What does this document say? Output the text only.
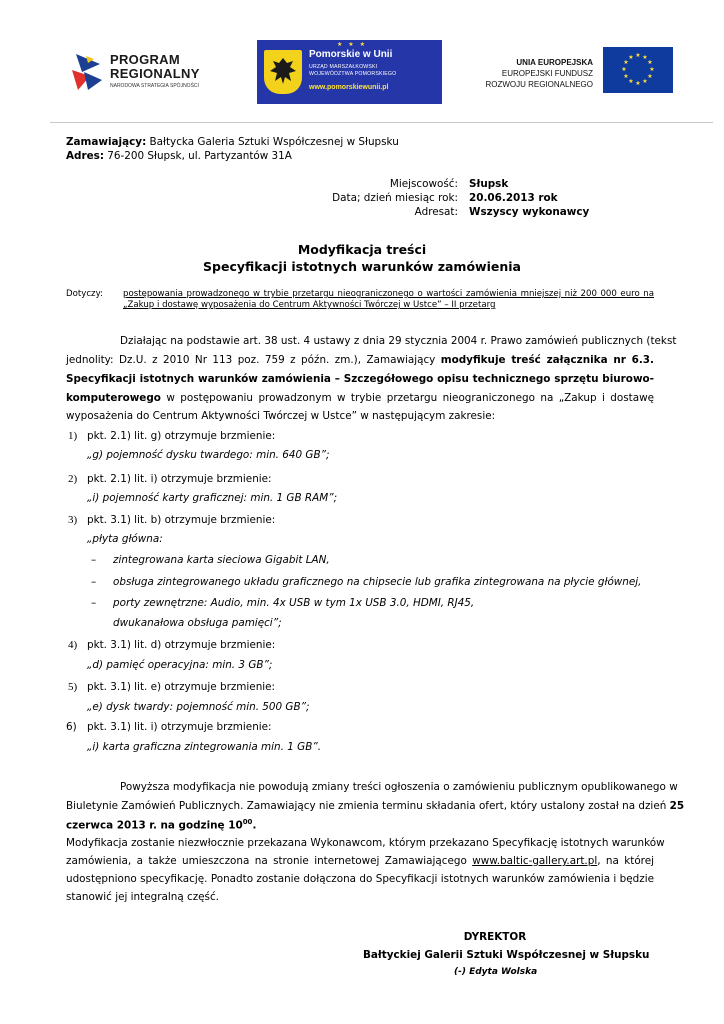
PROGRAM
REGIONALNY
NARODOWA STRATEGIA SPÓJNOŚCI
★ ★ ★
Pomorskie w Unii
URZĄD MARSZAŁKOWSKI
WOJEWÓDZTWA POMORSKIEGO
www.pomorskiewunii.pl
UNIA EUROPEJSKA
EUROPEJSKI FUNDUSZ
ROZWOJU REGIONALNEGO
★ ★
★
★
★
★
★
★
★
★
★
★
Zamawiający: Bałtycka Galeria Sztuki Współczesnej w Słupsku
Adres: 76-200 Słupsk, ul. Partyzantów 31A
Miejscowość: Słupsk
Data; dzień miesiąc rok: 20.06.2013 rok
Adresat: Wszyscy wykonawcy
Modyfikacja treści
Specyfikacji istotnych warunków zamówienia
Dotyczy: postępowania prowadzonego w trybie przetargu nieograniczonego o wartości zamówienia mniejszej niż 200 000 euro na
„Zakup i dostawę wyposażenia do Centrum Aktywności Twórczej w Ustce” – II przetarg
Działając na podstawie art. 38 ust. 4 ustawy z dnia 29 stycznia 2004 r. Prawo zamówień publicznych (tekst
jednolity: Dz.U. z 2010 Nr 113 poz. 759 z późn. zm.), Zamawiający modyfikuje treść załącznika nr 6.3.
Specyfikacji istotnych warunków zamówienia – Szczegółowego opisu technicznego sprzętu biurowo-
komputerowego w postępowaniu prowadzonym w trybie przetargu nieograniczonego na „Zakup i dostawę
wyposażenia do Centrum Aktywności Twórczej w Ustce” w następującym zakresie:
1) pkt. 2.1) lit. g) otrzymuje brzmienie:
„g) pojemność dysku twardego: min. 640 GB”;
2) pkt. 2.1) lit. i) otrzymuje brzmienie:
„i) pojemność karty graficznej: min. 1 GB RAM”;
3) pkt. 3.1) lit. b) otrzymuje brzmienie:
„płyta główna:
– zintegrowana karta sieciowa Gigabit LAN,
– obsługa zintegrowanego układu graficznego na chipsecie lub grafika zintegrowana na płycie głównej,
– porty zewnętrzne: Audio, min. 4x USB w tym 1x USB 3.0, HDMI, RJ45,
dwukanałowa obsługa pamięci”;
4) pkt. 3.1) lit. d) otrzymuje brzmienie:
„d) pamięć operacyjna: min. 3 GB”;
5) pkt. 3.1) lit. e) otrzymuje brzmienie:
„e) dysk twardy: pojemność min. 500 GB”;
6) pkt. 3.1) lit. i) otrzymuje brzmienie:
„i) karta graficzna zintegrowania min. 1 GB”.
Powyższa modyfikacja nie powodują zmiany treści ogłoszenia o zamówieniu publicznym opublikowanego w
Biuletynie Zamówień Publicznych. Zamawiający nie zmienia terminu składania ofert, który ustalony został na dzień 25
czerwca 2013 r. na godzinę $10^{00}$.
Modyfikacja zostanie niezwłocznie przekazana Wykonawcom, którym przekazano Specyfikację istotnych warunków
zamówienia, a także umieszczona na stronie internetowej Zamawiającego www.baltic-gallery.art.pl, na której
udostępniono specyfikację. Ponadto zostanie dołączona do Specyfikacji istotnych warunków zamówienia i będzie
stanowić jej integralną część.
DYREKTOR
Bałtyckiej Galerii Sztuki Współczesnej w Słupsku
(-) Edyta Wolska
